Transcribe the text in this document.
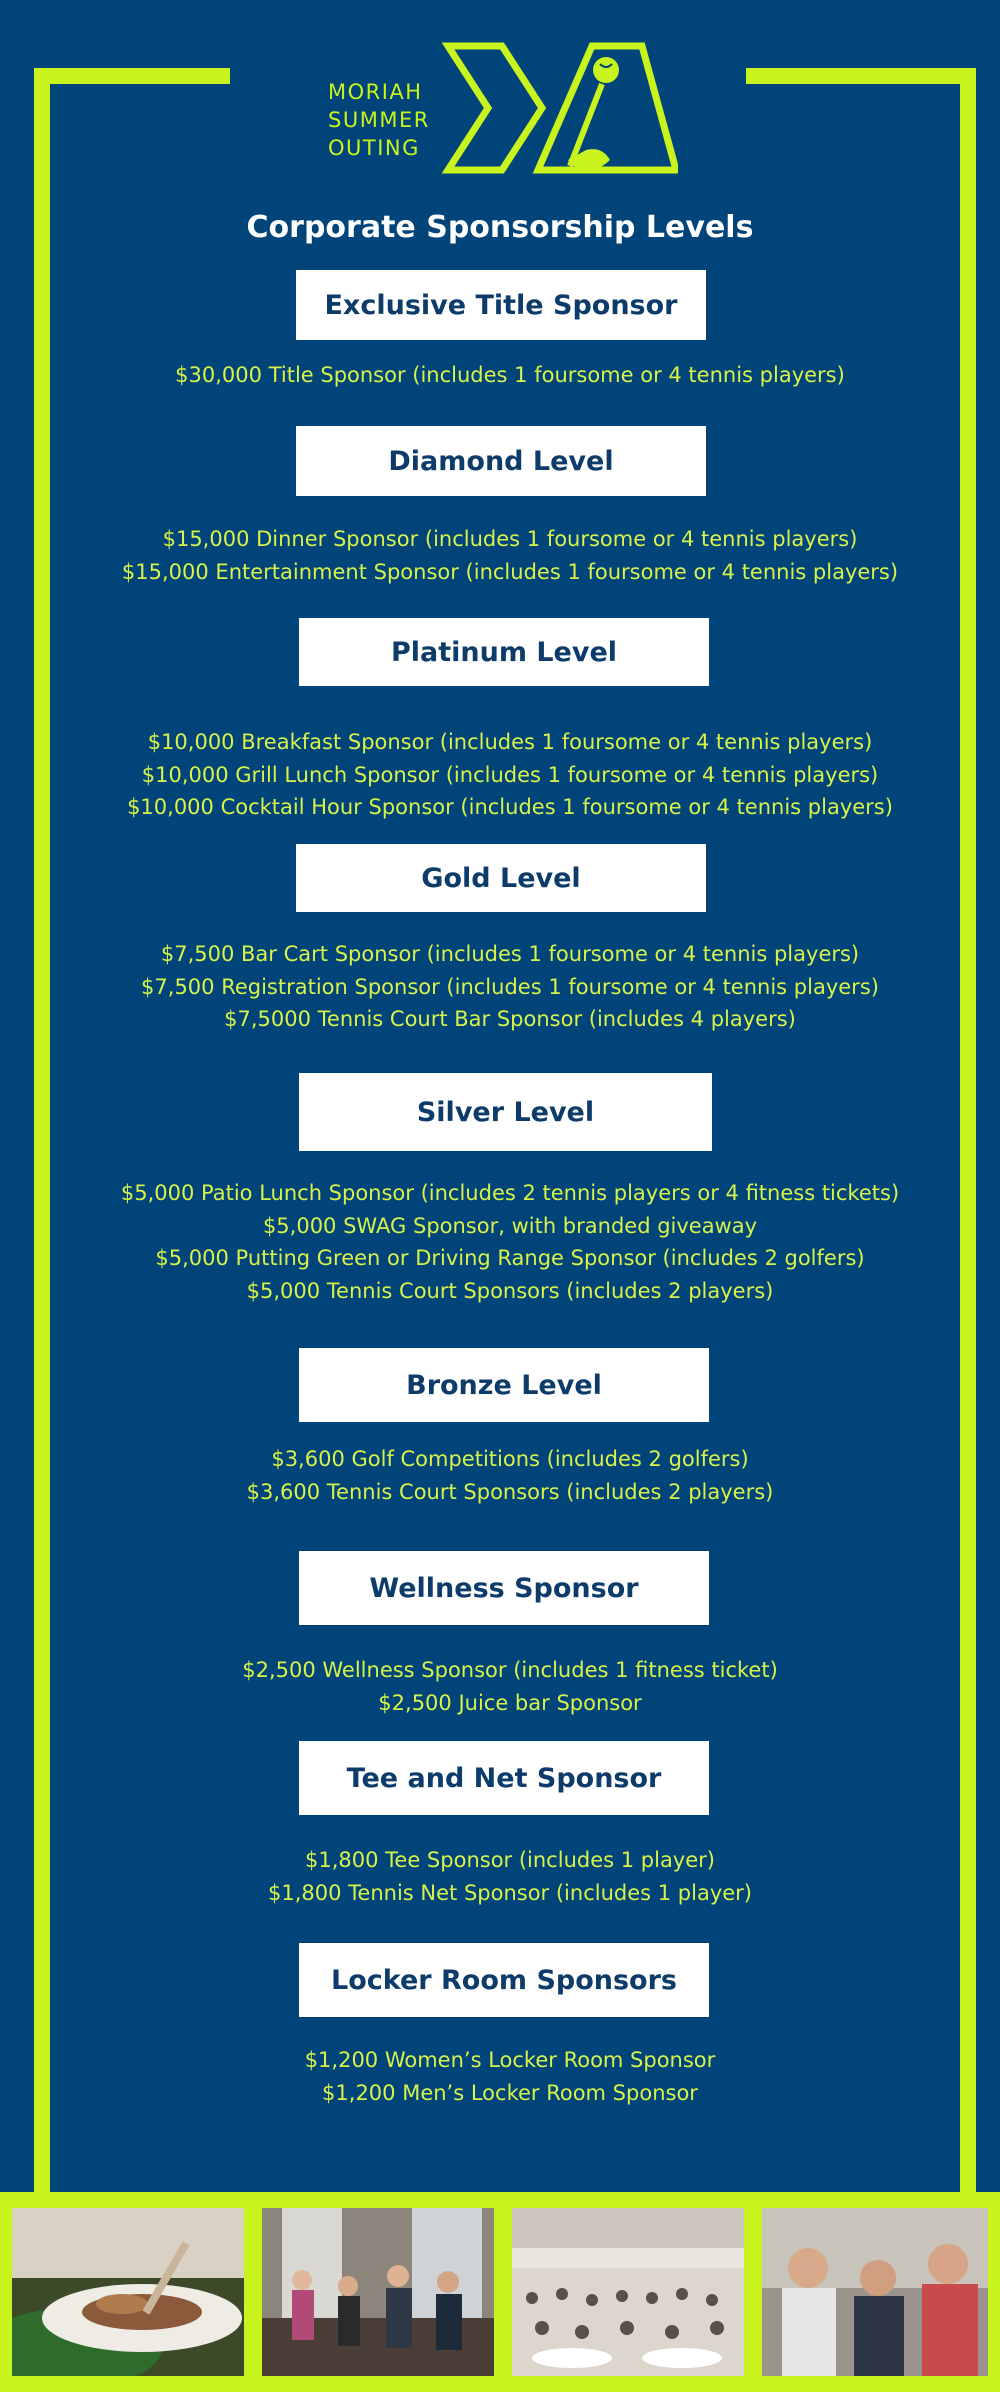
MORIAH
SUMMER
OUTING
Corporate Sponsorship Levels
Exclusive Title Sponsor
$30,000 Title Sponsor (includes 1 foursome or 4 tennis players)
Diamond Level
$15,000 Dinner Sponsor (includes 1 foursome or 4 tennis players)
$15,000 Entertainment Sponsor (includes 1 foursome or 4 tennis players)
Platinum Level
$10,000 Breakfast Sponsor (includes 1 foursome or 4 tennis players)
$10,000 Grill Lunch Sponsor (includes 1 foursome or 4 tennis players)
$10,000 Cocktail Hour Sponsor (includes 1 foursome or 4 tennis players)
Gold Level
$7,500 Bar Cart Sponsor (includes 1 foursome or 4 tennis players)
$7,500 Registration Sponsor (includes 1 foursome or 4 tennis players)
$7,5000 Tennis Court Bar Sponsor (includes 4 players)
Silver Level
$5,000 Patio Lunch Sponsor (includes 2 tennis players or 4 fitness tickets)
$5,000 SWAG Sponsor, with branded giveaway
$5,000 Putting Green or Driving Range Sponsor (includes 2 golfers)
$5,000 Tennis Court Sponsors (includes 2 players)
Bronze Level
$3,600 Golf Competitions (includes 2 golfers)
$3,600 Tennis Court Sponsors (includes 2 players)
Wellness Sponsor
$2,500 Wellness Sponsor (includes 1 fitness ticket)
$2,500 Juice bar Sponsor
Tee and Net Sponsor
$1,800 Tee Sponsor (includes 1 player)
$1,800 Tennis Net Sponsor (includes 1 player)
Locker Room Sponsors
$1,200 Women’s Locker Room Sponsor
$1,200 Men’s Locker Room Sponsor
